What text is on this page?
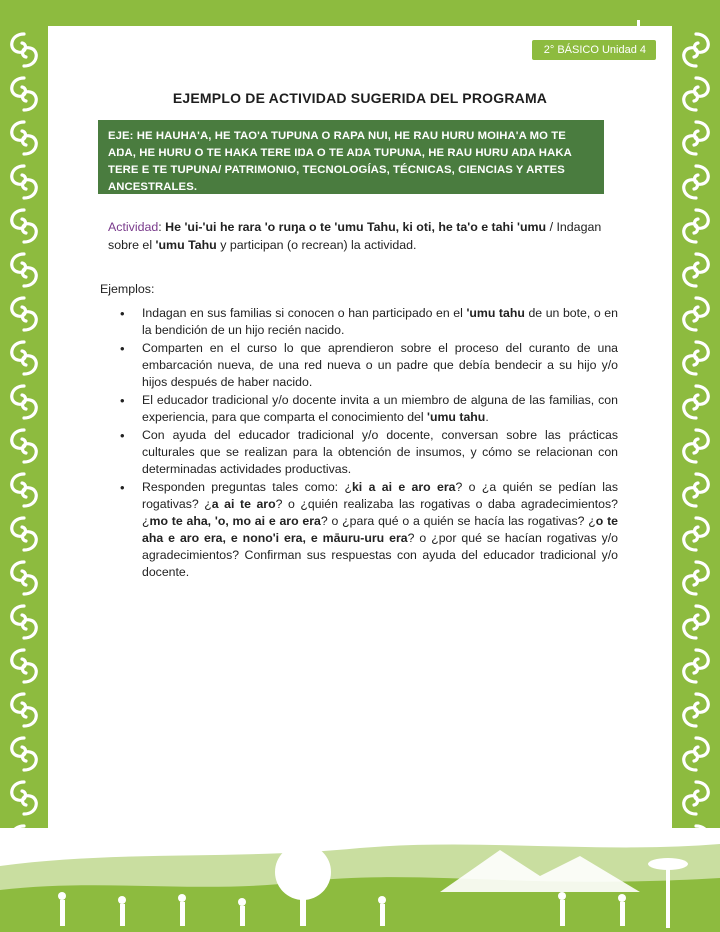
2° BÁSICO Unidad 4
EJEMPLO DE ACTIVIDAD SUGERIDA DEL PROGRAMA
EJE: HE HAUHA'A, HE TAO'A TUPUNA O RAPA NUI, HE RAU HURU MOIHA'A MO TE AŊA, HE HURU O TE HAKA TERE IŊA O TE AŊA TUPUNA, HE RAU HURU AŊA HAKA TERE E TE TUPUNA/ PATRIMONIO, TECNOLOGÍAS, TÉCNICAS, CIENCIAS Y ARTES ANCESTRALES.
Actividad: He 'ui-'ui he rara 'o ruŋa o te 'umu Tahu, ki oti, he ta'o e tahi 'umu / Indagan sobre el 'umu Tahu y participan (o recrean) la actividad.
Ejemplos:
• Indagan en sus familias si conocen o han participado en el 'umu tahu de un bote, o en la bendición de un hijo recién nacido.
• Comparten en el curso lo que aprendieron sobre el proceso del curanto de una embarcación nueva, de una red nueva o un padre que debía bendecir a su hijo y/o hijos después de haber nacido.
• El educador tradicional y/o docente invita a un miembro de alguna de las familias, con experiencia, para que comparta el conocimiento del 'umu tahu.
• Con ayuda del educador tradicional y/o docente, conversan sobre las prácticas culturales que se realizan para la obtención de insumos, y cómo se relacionan con determinadas actividades productivas.
• Responden preguntas tales como: ¿ki a ai e aro era? o ¿a quién se pedían las rogativas? ¿a ai te aro? o ¿quién realizaba las rogativas o daba agradecimientos? ¿mo te aha, 'o, mo ai e aro era? o ¿para qué o a quién se hacía las rogativas? ¿o te aha e aro era, e nono'i era, e māuru-uru era? o ¿por qué se hacían rogativas y/o agradecimientos? Confirman sus respuestas con ayuda del educador tradicional y/o docente.
